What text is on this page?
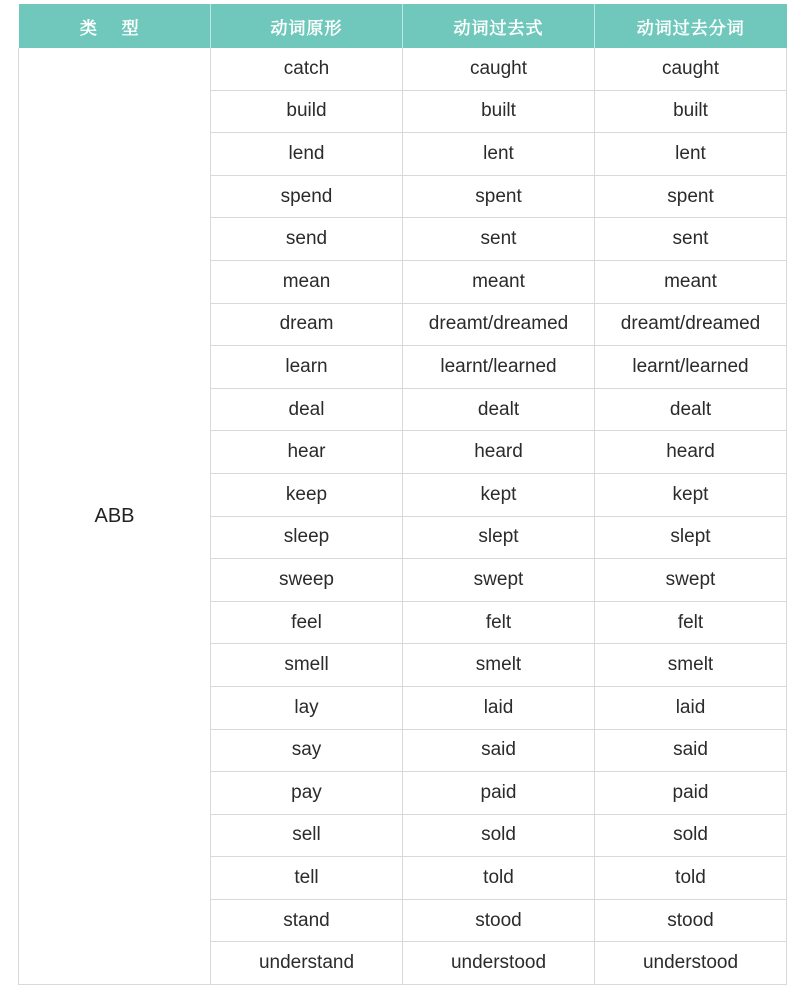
类 型	动词原形	动词过去式	动词过去分词
ABB	catch	caught	caught
	build	built	built
	lend	lent	lent
	spend	spent	spent
	send	sent	sent
	mean	meant	meant
	dream	dreamt/dreamed	dreamt/dreamed
	learn	learnt/learned	learnt/learned
	deal	dealt	dealt
	hear	heard	heard
	keep	kept	kept
	sleep	slept	slept
	sweep	swept	swept
	feel	felt	felt
	smell	smelt	smelt
	lay	laid	laid
	say	said	said
	pay	paid	paid
	sell	sold	sold
	tell	told	told
	stand	stood	stood
	understand	understood	understood
